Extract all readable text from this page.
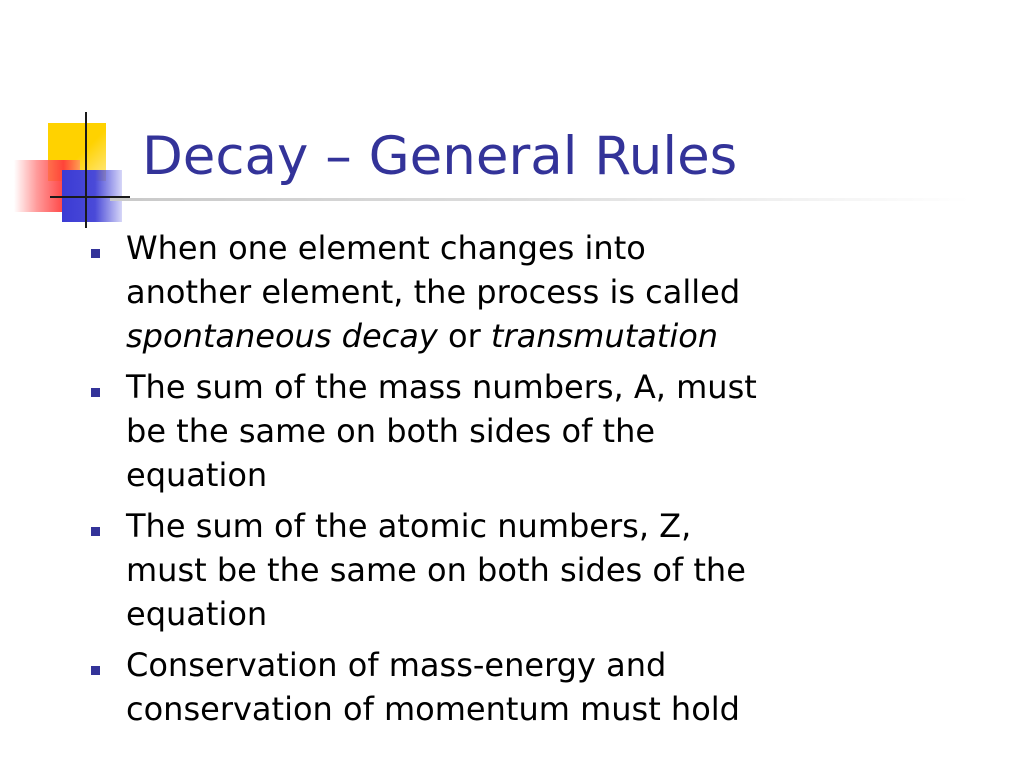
Decay – General Rules
When one element changes into
another element, the process is called
spontaneous decay or transmutation
The sum of the mass numbers, A, must
be the same on both sides of the
equation
The sum of the atomic numbers, Z,
must be the same on both sides of the
equation
Conservation of mass-energy and
conservation of momentum must hold
